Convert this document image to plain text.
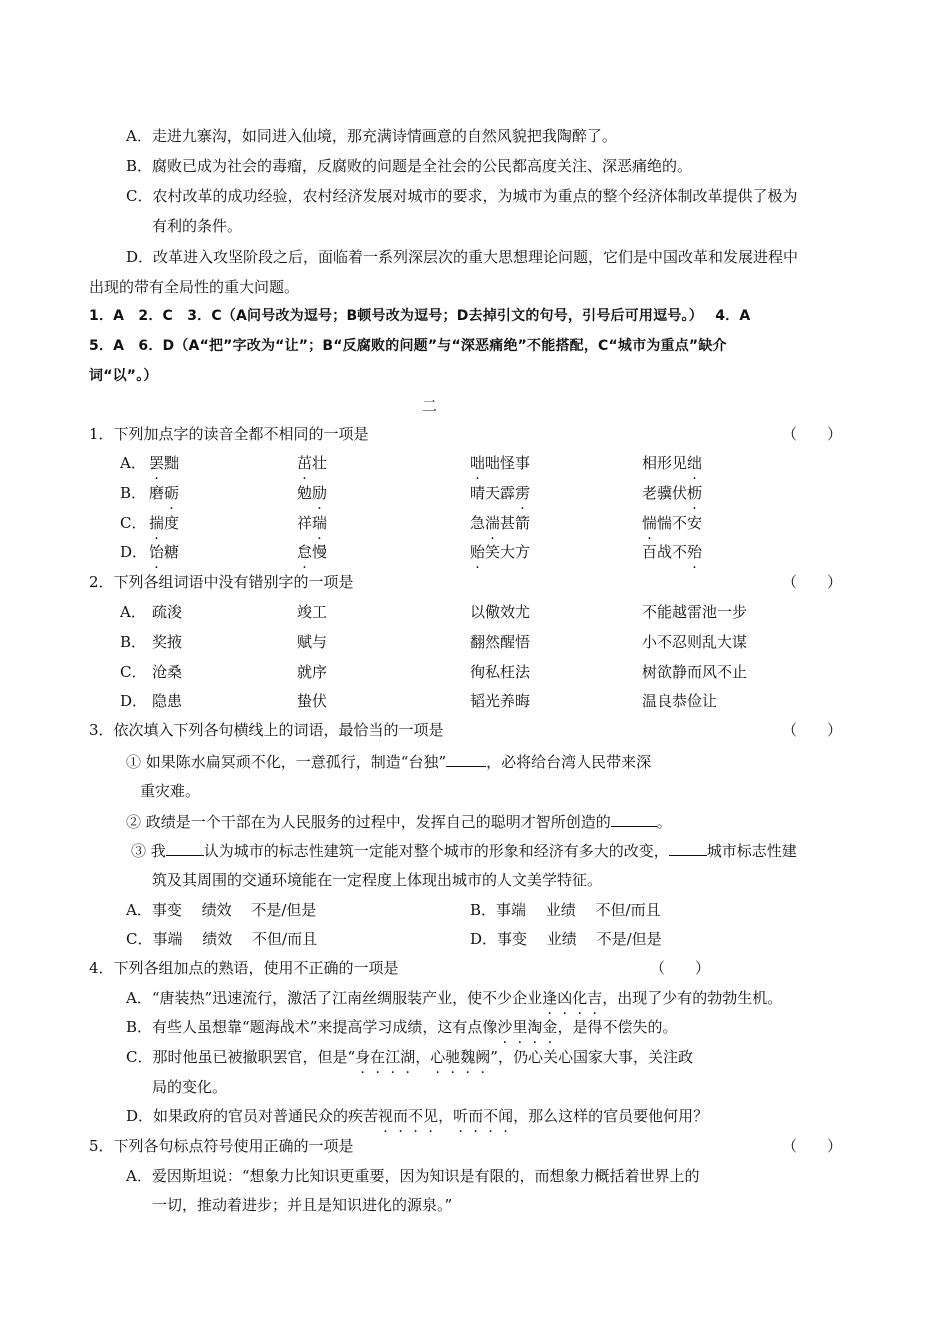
A．走进九寨沟，如同进入仙境，那充满诗情画意的自然风貌把我陶醉了。
B．腐败已成为社会的毒瘤，反腐败的问题是全社会的公民都高度关注、深恶痛绝的。
C．农村改革的成功经验，农村经济发展对城市的要求，为城市为重点的整个经济体制改革提供了极为
有利的条件。
D．改革进入攻坚阶段之后，面临着一系列深层次的重大思想理论问题，它们是中国改革和发展进程中
出现的带有全局性的重大问题。
1．A　2．C　3．C（A问号改为逗号；B顿号改为逗号；D去掉引文的句号，引号后可用逗号。）　 4．A
5．A　6．D（A“把”字改为“让”；B“反腐败的问题”与“深恶痛绝”不能搭配，C“城市为重点”缺介
词“以”。）
二
1．下列加点字的读音全都不相同的一项是	（　　）
A． 罢黜	茁壮	咄咄怪事	相形见绌
B． 磨砺	勉励	晴天霹雳	老骥伏枥
C． 揣度	祥瑞	急湍甚箭	惴惴不安
D． 饴糖	怠慢	贻笑大方	百战不殆
2．下列各组词语中没有错别字的一项是	（　　）
A． 疏浚	竣工	以儆效尤	不能越雷池一步
B． 奖掖	赋与	翻然醒悟	小不忍则乱大谋
C． 沧桑	就序	徇私枉法	树欲静而风不止
D． 隐患	蛰伏	韬光养晦	温良恭俭让
3．依次填入下列各句横线上的词语，最恰当的一项是	（　　）
① 如果陈水扁冥顽不化，一意孤行，制造“台独”	，必将给台湾人民带来深
重灾难。
② 政绩是一个干部在为人民服务的过程中，发挥自己的聪明才智所创造的	。
③ 我	认为城市的标志性建筑一定能对整个城市的形象和经济有多大的改变，	城市标志性建
筑及其周围的交通环境能在一定程度上体现出城市的人文美学特征。
A．事变　 绩效　 不是/但是	B．事端　 业绩　 不但/而且
C．事端　 绩效　 不但/而且	D．事变　 业绩　 不是/但是
4．下列各组加点的熟语，使用不正确的一项是	（　　）
A．“唐装热”迅速流行，激活了江南丝绸服装产业，使不少企业逢凶化吉，出现了少有的勃勃生机。
B．有些人虽想靠“题海战术”来提高学习成绩，这有点像沙里淘金，是得不偿失的。
C．那时他虽已被撤职罢官，但是“身在江湖，心驰魏阙”，仍心关心国家大事，关注政
局的变化。
D．如果政府的官员对普通民众的疾苦视而不见，听而不闻，那么这样的官员要他何用？
5．下列各句标点符号使用正确的一项是	（　　）
A．爱因斯坦说：“想象力比知识更重要，因为知识是有限的，而想象力概括着世界上的
一切，推动着进步；并且是知识进化的源泉。”
